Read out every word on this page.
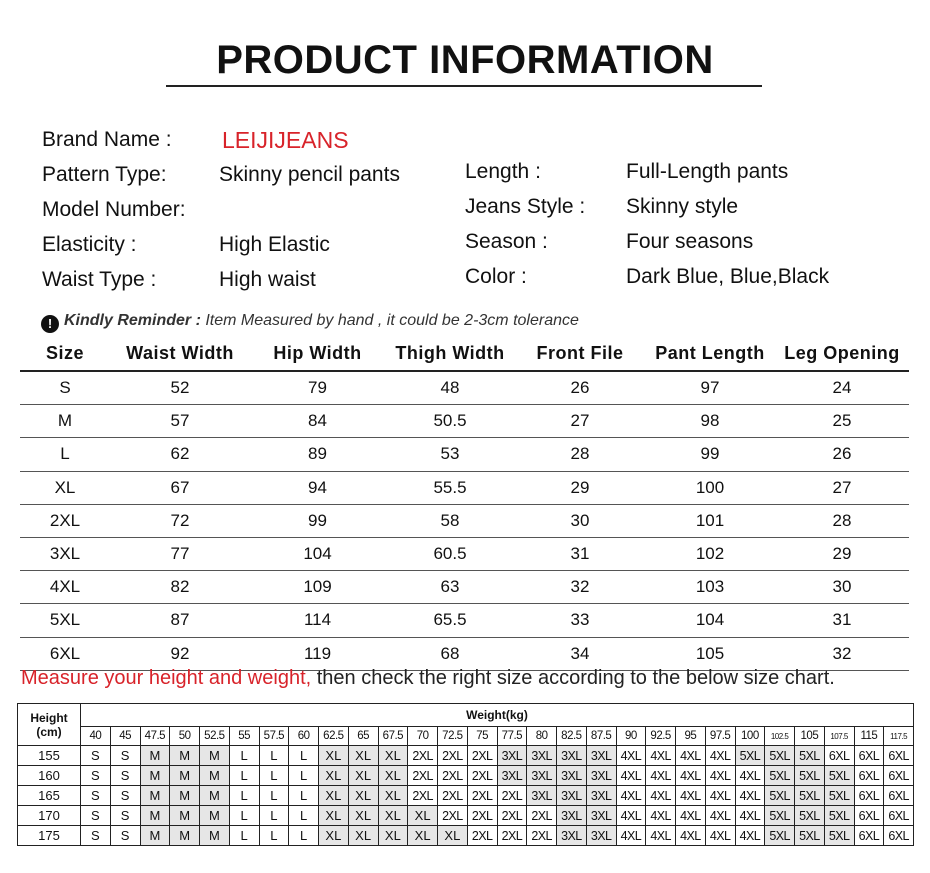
PRODUCT INFORMATION
Brand Name : LEIJIJEANS
Pattern Type: Skinny pencil pants
Model Number:
Elasticity :	High Elastic
Waist Type :	High waist
Length :	Full-Length pants
Jeans Style : Skinny style
Season :	Four seasons
Color :	Dark Blue, Blue,Black
! Kindly Reminder : Item Measured by hand , it could be 2-3cm tolerance
Size	Waist Width	Hip Width	Thigh Width	Front File	Pant Length	Leg Opening
S	52	79	48	26	97	24
M	57	84	50.5	27	98	25
L	62	89	53	28	99	26
XL	67	94	55.5	29	100	27
2XL	72	99	58	30	101	28
3XL	77	104	60.5	31	102	29
4XL	82	109	63	32	103	30
5XL	87	114	65.5	33	104	31
6XL	92	119	68	34	105	32
Measure your height and weight, then check the right size according to the below size chart.
Height
(cm)	Weight(kg)																											
	40	45	47.5	50	52.5	55	57.5	60	62.5	65	67.5	70	72.5	75	77.5	80	82.5	87.5	90	92.5	95	97.5	100	102.5	105	107.5	115	117.5
155	S	S	M	M	M	L	L	L	XL	XL	XL	2XL	2XL	2XL	3XL	3XL	3XL	3XL	4XL	4XL	4XL	4XL	5XL	5XL	5XL	6XL	6XL	6XL
160	S	S	M	M	M	L	L	L	XL	XL	XL	2XL	2XL	2XL	3XL	3XL	3XL	3XL	4XL	4XL	4XL	4XL	4XL	5XL	5XL	5XL	6XL	6XL
165	S	S	M	M	M	L	L	L	XL	XL	XL	2XL	2XL	2XL	2XL	3XL	3XL	3XL	4XL	4XL	4XL	4XL	4XL	5XL	5XL	5XL	6XL	6XL
170	S	S	M	M	M	L	L	L	XL	XL	XL	XL	2XL	2XL	2XL	2XL	3XL	3XL	4XL	4XL	4XL	4XL	4XL	5XL	5XL	5XL	6XL	6XL
175	S	S	M	M	M	L	L	L	XL	XL	XL	XL	XL	2XL	2XL	2XL	3XL	3XL	4XL	4XL	4XL	4XL	4XL	5XL	5XL	5XL	6XL	6XL
